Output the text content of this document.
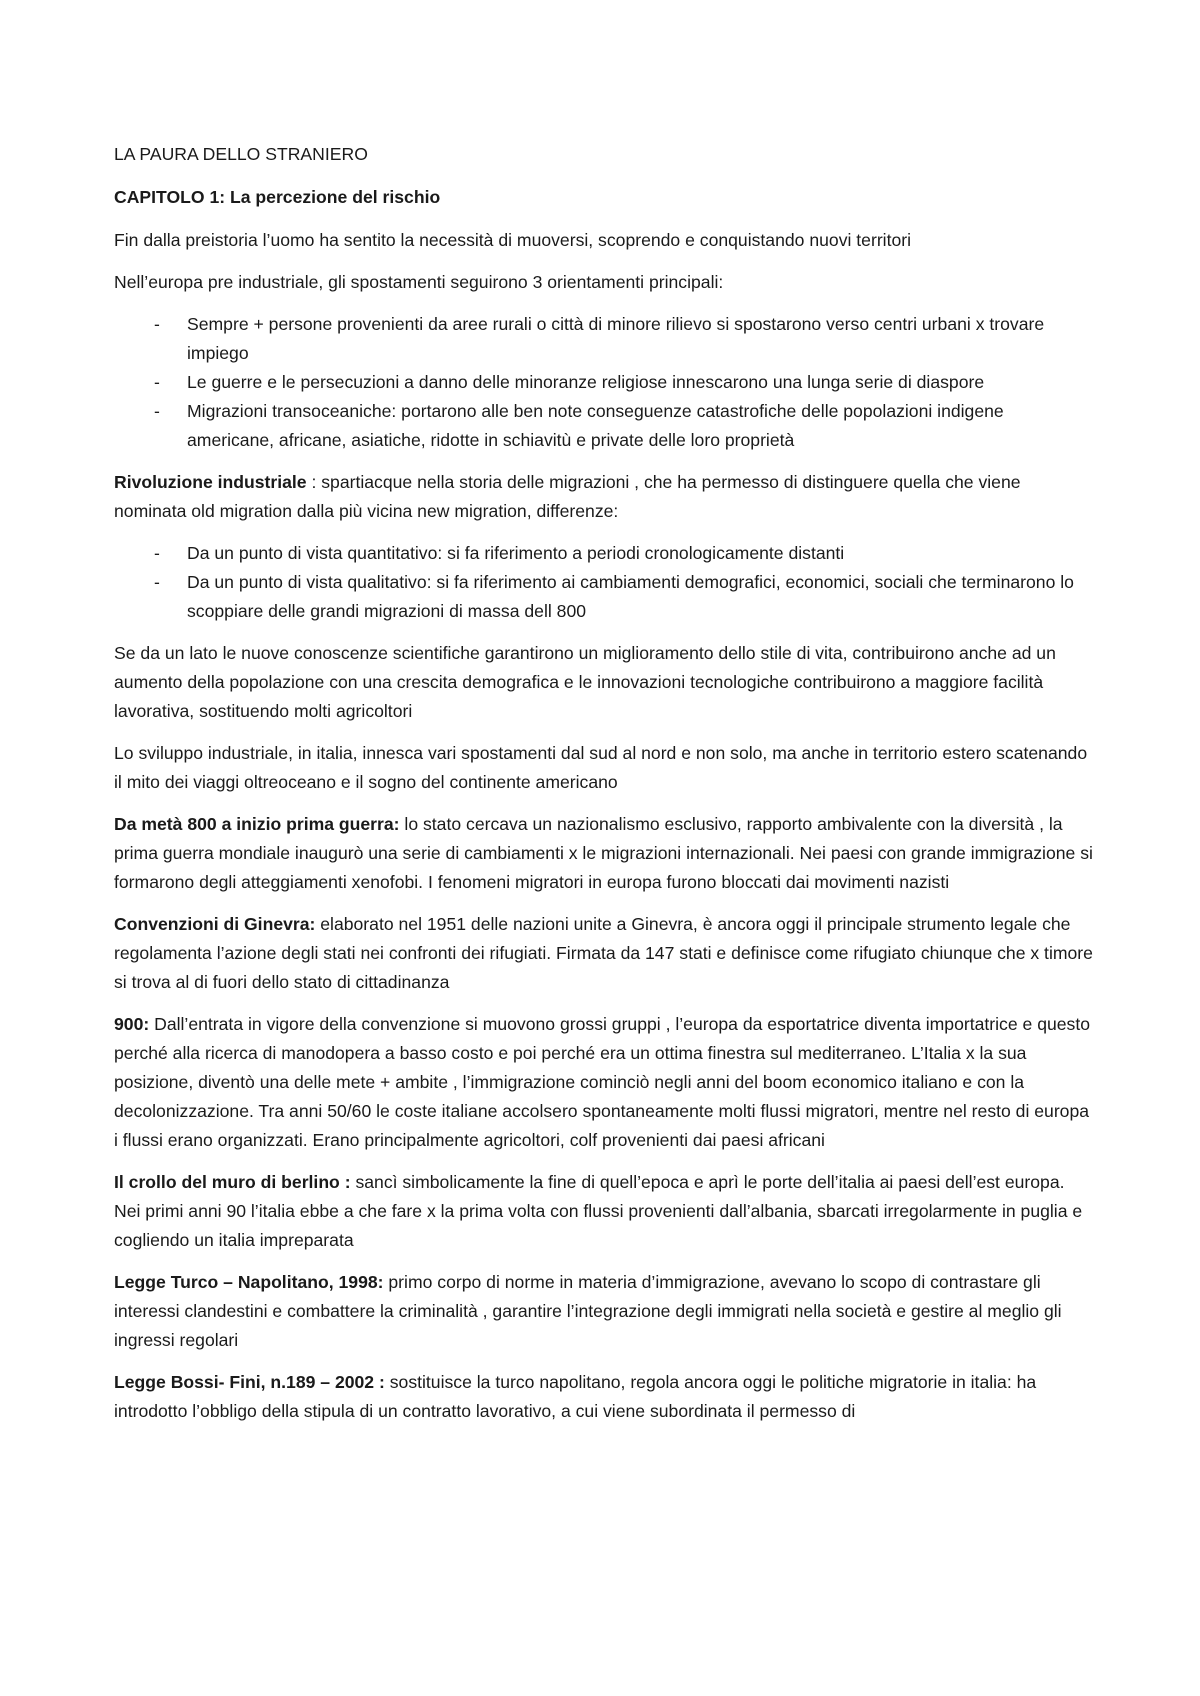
LA PAURA DELLO STRANIERO

CAPITOLO 1: La percezione del rischio

Fin dalla preistoria l’uomo ha sentito la necessità di muoversi, scoprendo e conquistando nuovi territori

Nell’europa pre industriale, gli spostamenti seguirono 3 orientamenti principali:

- Sempre + persone provenienti da aree rurali o città di minore rilievo si spostarono verso centri urbani x trovare impiego
- Le guerre e le persecuzioni a danno delle minoranze religiose innescarono una lunga serie di diaspore
- Migrazioni transoceaniche: portarono alle ben note conseguenze catastrofiche delle popolazioni indigene americane, africane, asiatiche, ridotte in schiavitù e private delle loro proprietà

Rivoluzione industriale : spartiacque nella storia delle migrazioni , che ha permesso di distinguere quella che viene nominata old migration dalla più vicina new migration, differenze:

- Da un punto di vista quantitativo: si fa riferimento a periodi cronologicamente distanti
- Da un punto di vista qualitativo: si fa riferimento ai cambiamenti demografici, economici, sociali che terminarono lo scoppiare delle grandi migrazioni di massa dell 800

Se da un lato le nuove conoscenze scientifiche garantirono un miglioramento dello stile di vita, contribuirono anche ad un aumento della popolazione con una crescita demografica e le innovazioni tecnologiche contribuirono a maggiore facilità lavorativa, sostituendo molti agricoltori

Lo sviluppo industriale, in italia, innesca vari spostamenti dal sud al nord e non solo, ma anche in territorio estero scatenando il mito dei viaggi oltreoceano e il sogno del continente americano

Da metà 800 a inizio prima guerra: lo stato cercava un nazionalismo esclusivo, rapporto ambivalente con la diversità , la prima guerra mondiale inaugurò una serie di cambiamenti x le migrazioni internazionali. Nei paesi con grande immigrazione si formarono degli atteggiamenti xenofobi. I fenomeni migratori in europa furono bloccati dai movimenti nazisti

Convenzioni di Ginevra: elaborato nel 1951 delle nazioni unite a Ginevra, è ancora oggi il principale strumento legale che regolamenta l’azione degli stati nei confronti dei rifugiati. Firmata da 147 stati e definisce come rifugiato chiunque che x timore si trova al di fuori dello stato di cittadinanza

900: Dall’entrata in vigore della convenzione si muovono grossi gruppi , l’europa da esportatrice diventa importatrice e questo perché alla ricerca di manodopera a basso costo e poi perché era un ottima finestra sul mediterraneo. L’Italia x la sua posizione, diventò una delle mete + ambite , l’immigrazione cominciò negli anni del boom economico italiano e con la decolonizzazione. Tra anni 50/60 le coste italiane accolsero spontaneamente molti flussi migratori, mentre nel resto di europa i flussi erano organizzati. Erano principalmente agricoltori, colf provenienti dai paesi africani

Il crollo del muro di berlino : sancì simbolicamente la fine di quell’epoca e aprì le porte dell’italia ai paesi dell’est europa. Nei primi anni 90 l’italia ebbe a che fare x la prima volta con flussi provenienti dall’albania, sbarcati irregolarmente in puglia e cogliendo un italia impreparata

Legge Turco – Napolitano, 1998: primo corpo di norme in materia d’immigrazione, avevano lo scopo di contrastare gli interessi clandestini e combattere la criminalità , garantire l’integrazione degli immigrati nella società e gestire al meglio gli ingressi regolari

Legge Bossi- Fini, n.189 – 2002 : sostituisce la turco napolitano, regola ancora oggi le politiche migratorie in italia: ha introdotto l’obbligo della stipula di un contratto lavorativo, a cui viene subordinata il permesso di
